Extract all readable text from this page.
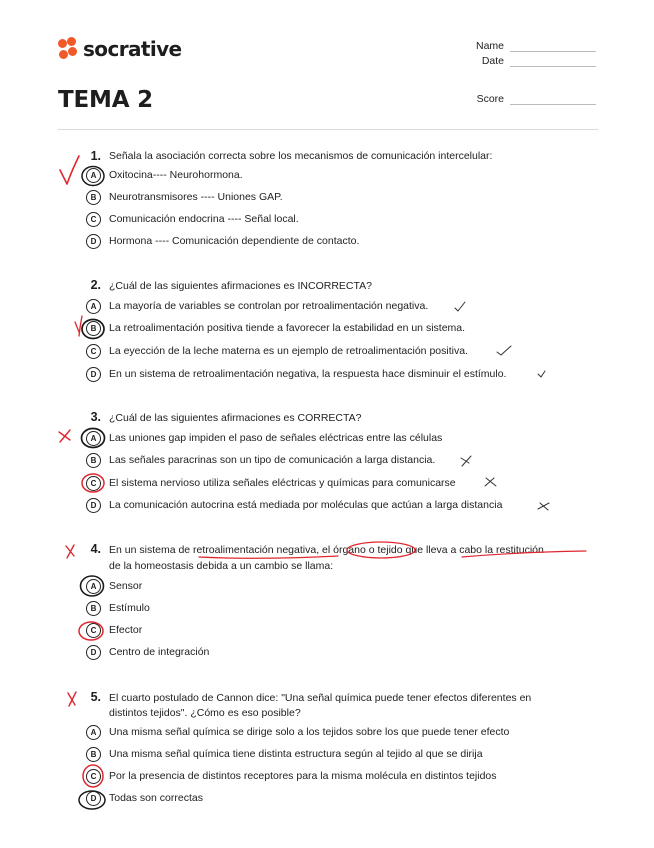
socrative	Name
Date
Score
TEMA 2
1. Señala la asociación correcta sobre los mecanismos de comunicación intercelular:
A	Oxitocina---- Neurohormona.
B	Neurotransmisores ---- Uniones GAP.
C	Comunicación endocrina ---- Señal local.
D	Hormona ---- Comunicación dependiente de contacto.
2. ¿Cuál de las siguientes afirmaciones es INCORRECTA?
A	La mayoría de variables se controlan por retroalimentación negativa.
B	La retroalimentación positiva tiende a favorecer la estabilidad en un sistema.
C	La eyección de la leche materna es un ejemplo de retroalimentación positiva.
D	En un sistema de retroalimentación negativa, la respuesta hace disminuir el estímulo.
3. ¿Cuál de las siguientes afirmaciones es CORRECTA?
A	Las uniones gap impiden el paso de señales eléctricas entre las células
B	Las señales paracrinas son un tipo de comunicación a larga distancia.
C	El sistema nervioso utiliza señales eléctricas y químicas para comunicarse
D	La comunicación autocrina está mediada por moléculas que actúan a larga distancia
4. En un sistema de retroalimentación negativa, el órgano o tejido que lleva a cabo la restitución
de la homeostasis debida a un cambio se llama:
A	Sensor
B	Estímulo
C	Efector
D	Centro de integración
5. El cuarto postulado de Cannon dice: "Una señal química puede tener efectos diferentes en
distintos tejidos". ¿Cómo es eso posible?
A	Una misma señal química se dirige solo a los tejidos sobre los que puede tener efecto
B	Una misma señal química tiene distinta estructura según al tejido al que se dirija
C	Por la presencia de distintos receptores para la misma molécula en distintos tejidos
D	Todas son correctas
